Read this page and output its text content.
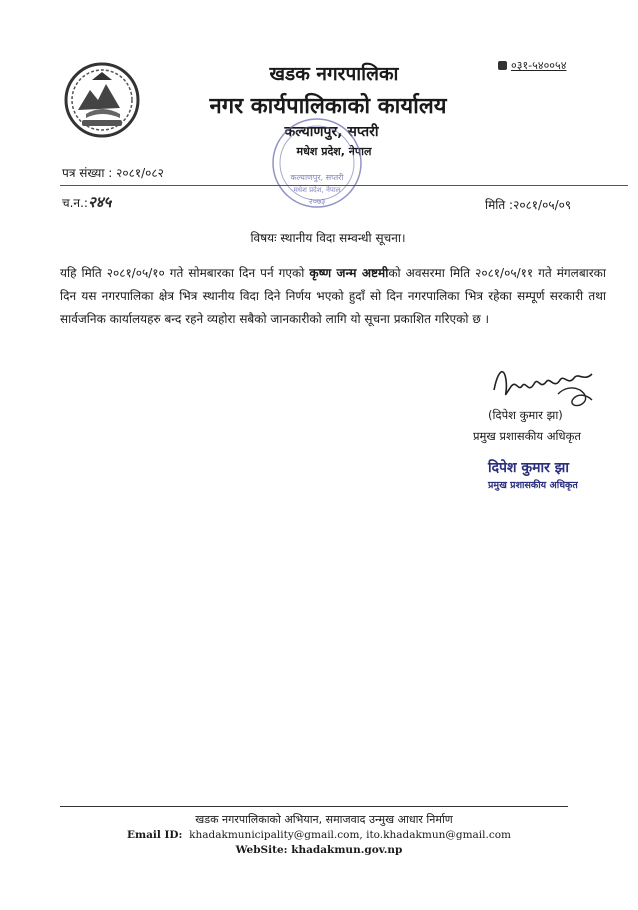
०३१-५४००५४
खडक नगरपालिका
नगर कार्यपालिकाको कार्यालय
कल्याणपुर, सप्तरी
मधेश प्रदेश, नेपाल
कल्याणपुर, सप्तरी
मधेश प्रदेश, नेपाल
२०७३
पत्र संख्या : २०८१/०८२
च.न.:२४५	मिति :२०८१/०५/०९
विषयः स्थानीय विदा सम्वन्धी सूचना।
यहि मिति २०८१/०५/१० गते सोमबारका दिन पर्न गएको कृष्ण जन्म अष्टमीको अवसरमा मिति २०८१/०५/११ गते मंगलबारका दिन यस नगरपालिका क्षेत्र भित्र स्थानीय विदा दिने निर्णय भएको हुदाँ सो दिन नगरपालिका भित्र रहेका सम्पूर्ण सरकारी तथा सार्वजनिक कार्यालयहरु बन्द रहने व्यहोरा सबैको जानकारीको लागि यो सूचना प्रकाशित गरिएको छ ।
(दिपेश कुमार झा)
प्रमुख प्रशासकीय अधिकृत
दिपेश कुमार झा
प्रमुख प्रशासकीय अधिकृत
खडक नगरपालिकाको अभियान, समाजवाद उन्मुख आधार निर्माण
Email ID: khadakmunicipality@gmail.com, ito.khadakmun@gmail.com
WebSite: khadakmun.gov.np
